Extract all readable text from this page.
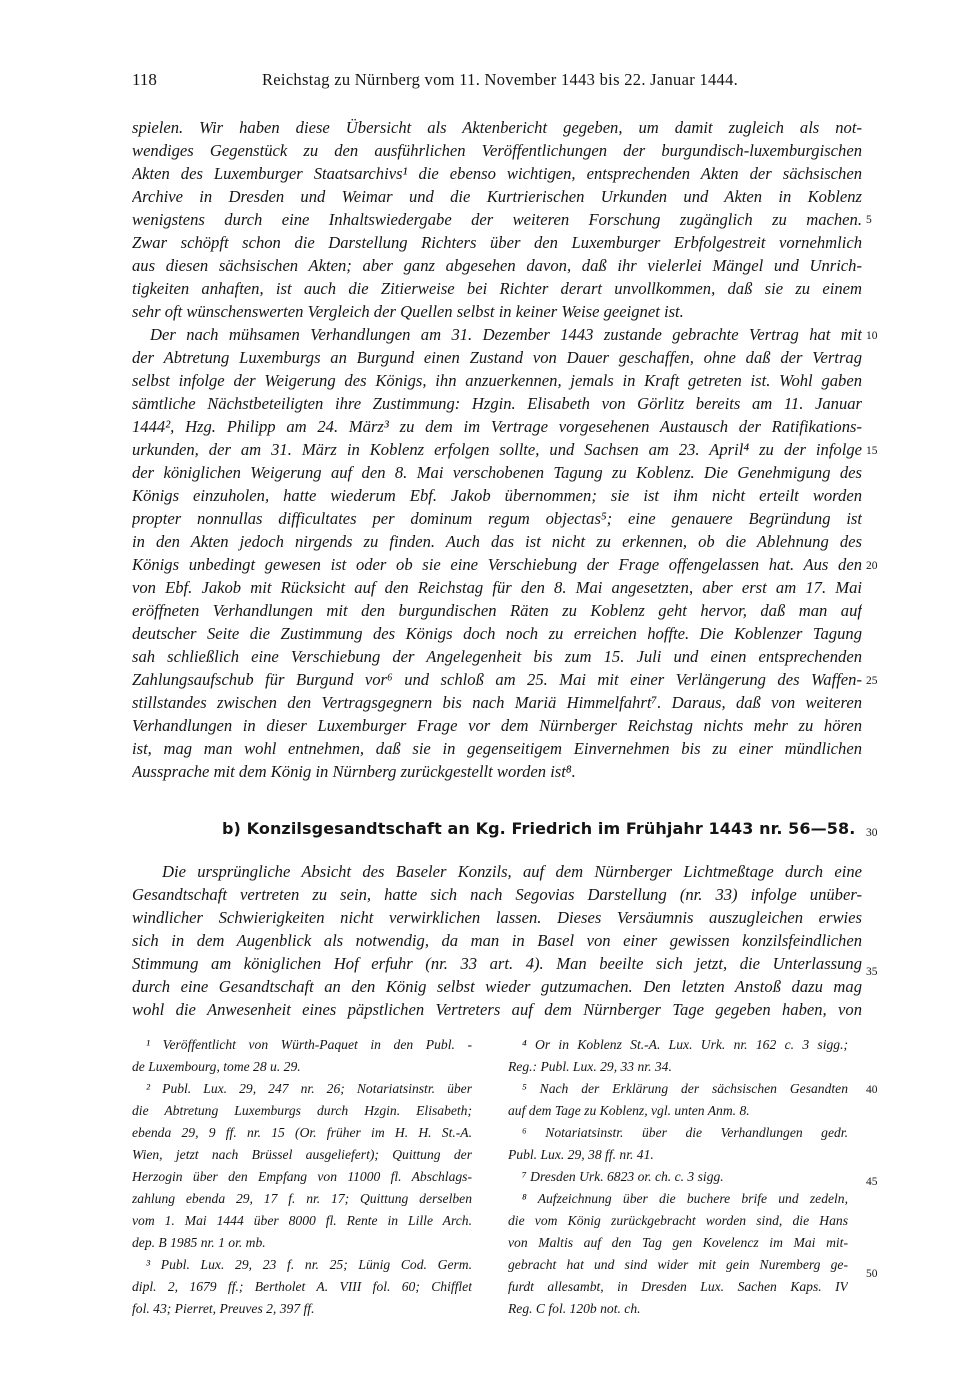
118	Reichstag zu Nürnberg vom 11. November 1443 bis 22. Januar 1444.
spielen. Wir haben diese Übersicht als Aktenbericht gegeben, um damit zugleich als not-
wendiges Gegenstück zu den ausführlichen Veröffentlichungen der burgundisch-luxemburgischen
Akten des Luxemburger Staatsarchivs¹ die ebenso wichtigen, entsprechenden Akten der sächsischen
Archive in Dresden und Weimar und die Kurtrierischen Urkunden und Akten in Koblenz
wenigstens durch eine Inhaltswiedergabe der weiteren Forschung zugänglich zu machen.
Zwar schöpft schon die Darstellung Richters über den Luxemburger Erbfolgestreit vornehmlich
aus diesen sächsischen Akten; aber ganz abgesehen davon, daß ihr vielerlei Mängel und Unrich-
tigkeiten anhaften, ist auch die Zitierweise bei Richter derart unvollkommen, daß sie zu einem
sehr oft wünschenswerten Vergleich der Quellen selbst in keiner Weise geeignet ist.
Der nach mühsamen Verhandlungen am 31. Dezember 1443 zustande gebrachte Vertrag hat mit
der Abtretung Luxemburgs an Burgund einen Zustand von Dauer geschaffen, ohne daß der Vertrag
selbst infolge der Weigerung des Königs, ihn anzuerkennen, jemals in Kraft getreten ist. Wohl gaben
sämtliche Nächstbeteiligten ihre Zustimmung: Hzgin. Elisabeth von Görlitz bereits am 11. Januar
1444², Hzg. Philipp am 24. März³ zu dem im Vertrage vorgesehenen Austausch der Ratifikations-
urkunden, der am 31. März in Koblenz erfolgen sollte, und Sachsen am 23. April⁴ zu der infolge
der königlichen Weigerung auf den 8. Mai verschobenen Tagung zu Koblenz. Die Genehmigung des
Königs einzuholen, hatte wiederum Ebf. Jakob übernommen; sie ist ihm nicht erteilt worden
propter nonnullas difficultates per dominum regum objectas⁵; eine genauere Begründung ist
in den Akten jedoch nirgends zu finden. Auch das ist nicht zu erkennen, ob die Ablehnung des
Königs unbedingt gewesen ist oder ob sie eine Verschiebung der Frage offengelassen hat. Aus den
von Ebf. Jakob mit Rücksicht auf den Reichstag für den 8. Mai angesetzten, aber erst am 17. Mai
eröffneten Verhandlungen mit den burgundischen Räten zu Koblenz geht hervor, daß man auf
deutscher Seite die Zustimmung des Königs doch noch zu erreichen hoffte. Die Koblenzer Tagung
sah schließlich eine Verschiebung der Angelegenheit bis zum 15. Juli und einen entsprechenden
Zahlungsaufschub für Burgund vor⁶ und schloß am 25. Mai mit einer Verlängerung des Waffen-
stillstandes zwischen den Vertragsgegnern bis nach Mariä Himmelfahrt⁷. Daraus, daß von weiteren
Verhandlungen in dieser Luxemburger Frage vor dem Nürnberger Reichstag nichts mehr zu hören
ist, mag man wohl entnehmen, daß sie in gegenseitigem Einvernehmen bis zu einer mündlichen
Aussprache mit dem König in Nürnberg zurückgestellt worden ist⁸.
5
10
15
20
25
30
35
40
45
50
b) Konzilsgesandtschaft an Kg. Friedrich im Frühjahr 1443 nr. 56—58.
Die ursprüngliche Absicht des Baseler Konzils, auf dem Nürnberger Lichtmeßtage durch eine
Gesandtschaft vertreten zu sein, hatte sich nach Segovias Darstellung (nr. 33) infolge unüber-
windlicher Schwierigkeiten nicht verwirklichen lassen. Dieses Versäumnis auszugleichen erwies
sich in dem Augenblick als notwendig, da man in Basel von einer gewissen konzilsfeindlichen
Stimmung am königlichen Hof erfuhr (nr. 33 art. 4). Man beeilte sich jetzt, die Unterlassung
durch eine Gesandtschaft an den König selbst wieder gutzumachen. Den letzten Anstoß dazu mag
wohl die Anwesenheit eines päpstlichen Vertreters auf dem Nürnberger Tage gegeben haben, von
¹ Veröffentlicht von Würth-Paquet in den Publ. -
de Luxembourg, tome 28 u. 29.
² Publ. Lux. 29, 247 nr. 26; Notariatsinstr. über
die Abtretung Luxemburgs durch Hzgin. Elisabeth;
ebenda 29, 9 ff. nr. 15 (Or. früher im H. H. St.-A.
Wien, jetzt nach Brüssel ausgeliefert); Quittung der
Herzogin über den Empfang von 11000 fl. Abschlags-
zahlung ebenda 29, 17 f. nr. 17; Quittung derselben
vom 1. Mai 1444 über 8000 fl. Rente in Lille Arch.
dep. B 1985 nr. 1 or. mb.
³ Publ. Lux. 29, 23 f. nr. 25; Lünig Cod. Germ.
dipl. 2, 1679 ff.; Bertholet A. VIII fol. 60; Chifflet
fol. 43; Pierret, Preuves 2, 397 ff.
⁴ Or in Koblenz St.-A. Lux. Urk. nr. 162 c. 3 sigg.;
Reg.: Publ. Lux. 29, 33 nr. 34.
⁵ Nach der Erklärung der sächsischen Gesandten
auf dem Tage zu Koblenz, vgl. unten Anm. 8.
⁶ Notariatsinstr. über die Verhandlungen gedr.
Publ. Lux. 29, 38 ff. nr. 41.
⁷ Dresden Urk. 6823 or. ch. c. 3 sigg.
⁸ Aufzeichnung über die buchere brife und zedeln,
die vom König zurückgebracht worden sind, die Hans
von Maltis auf den Tag gen Kovelencz im Mai mit-
gebracht hat und sind wider mit gein Nuremberg ge-
furdt allesambt, in Dresden Lux. Sachen Kaps. IV
Reg. C fol. 120b not. ch.
